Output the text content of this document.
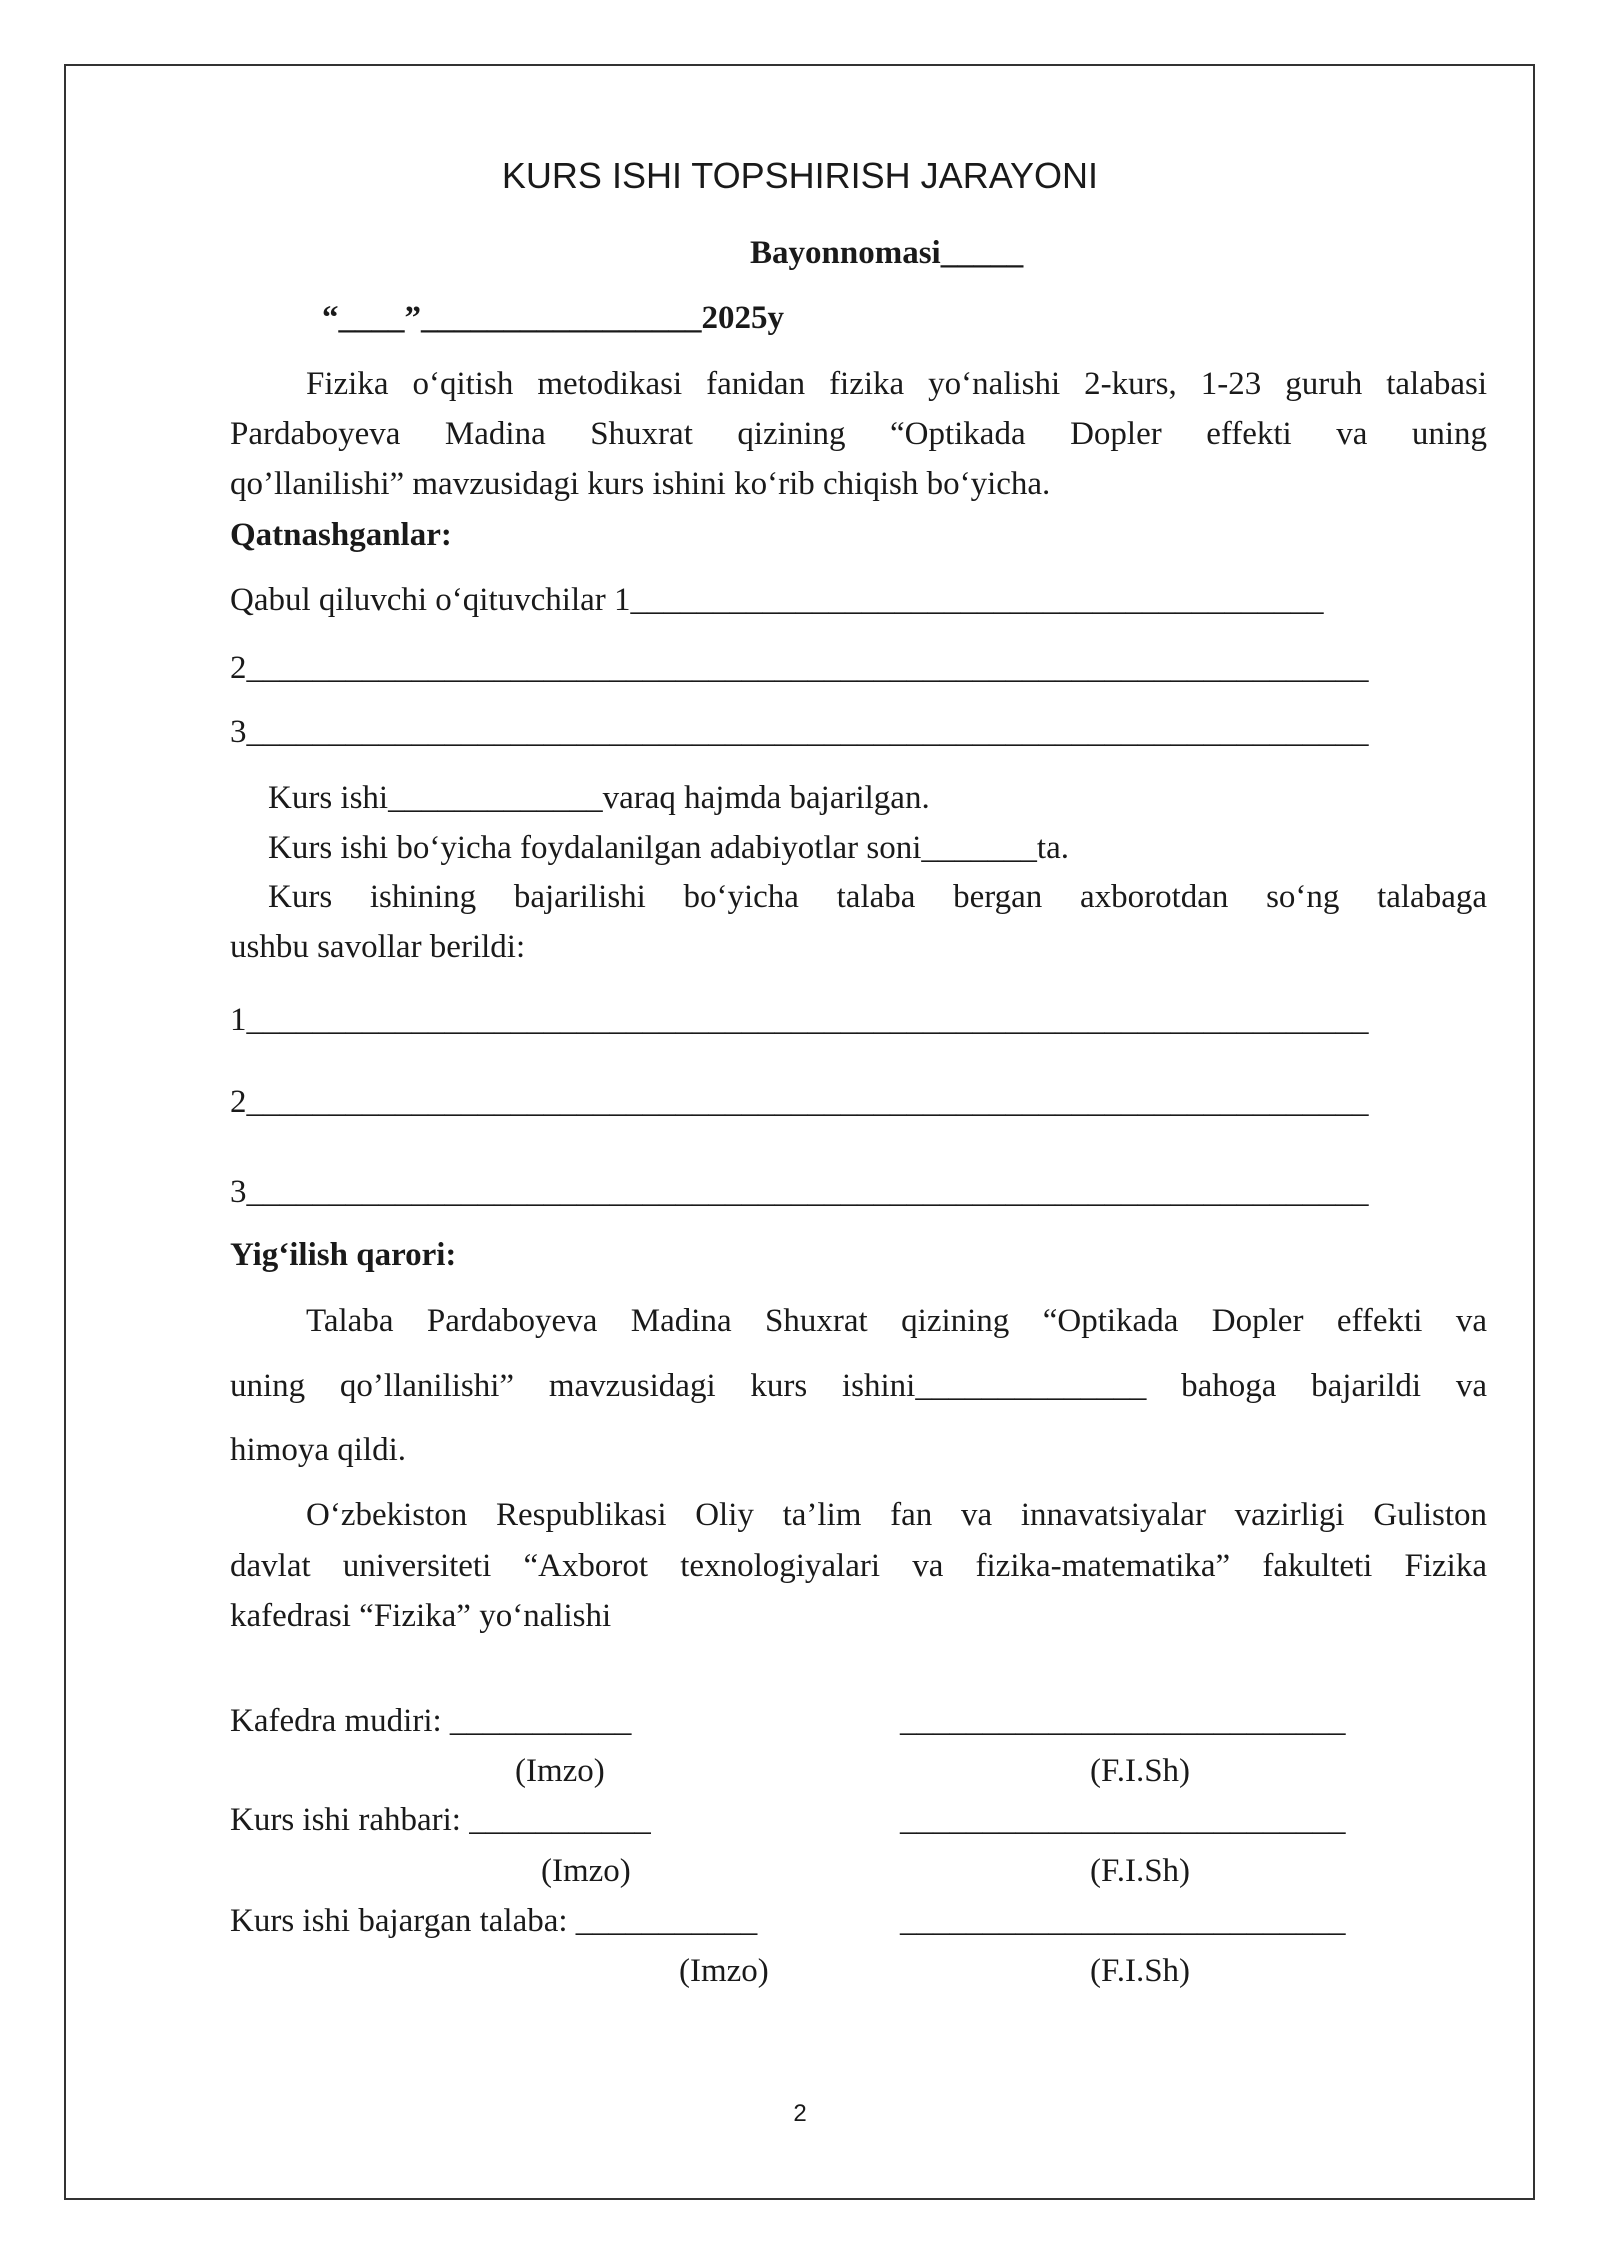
KURS ISHI TOPSHIRISH JARAYONI
Bayonnomasi_____
“____”_________________2025y
Fizika o‘qitish metodikasi fanidan fizika yo‘nalishi 2-kurs, 1-23 guruh talabasi
Pardaboyeva Madina Shuxrat qizining “Optikada Dopler effekti va uning
qo’llanilishi” mavzusidagi kurs ishini ko‘rib chiqish bo‘yicha.
Qatnashganlar:
Qabul qiluvchi o‘qituvchilar 1__________________________________________
2____________________________________________________________________
3____________________________________________________________________
Kurs ishi_____________varaq hajmda bajarilgan.
Kurs ishi bo‘yicha foydalanilgan adabiyotlar soni_______ta.
Kurs ishining bajarilishi bo‘yicha talaba bergan axborotdan so‘ng talabaga
ushbu savollar berildi:
1____________________________________________________________________
2____________________________________________________________________
3____________________________________________________________________
Yig‘ilish qarori:
Talaba Pardaboyeva Madina Shuxrat qizining “Optikada Dopler effekti va
uning qo’llanilishi” mavzusidagi kurs ishini______________ bahoga bajarildi va
himoya qildi.
O‘zbekiston Respublikasi Oliy ta’lim fan va innavatsiyalar vazirligi Guliston
davlat universiteti “Axborot texnologiyalari va fizika-matematika” fakulteti Fizika
kafedrasi “Fizika” yo‘nalishi
Kafedra mudiri: ___________	___________________________
(Imzo)	(F.I.Sh)
Kurs ishi rahbari: ___________	___________________________
(Imzo)	(F.I.Sh)
Kurs ishi bajargan talaba: ___________	___________________________
(Imzo)	(F.I.Sh)
2
